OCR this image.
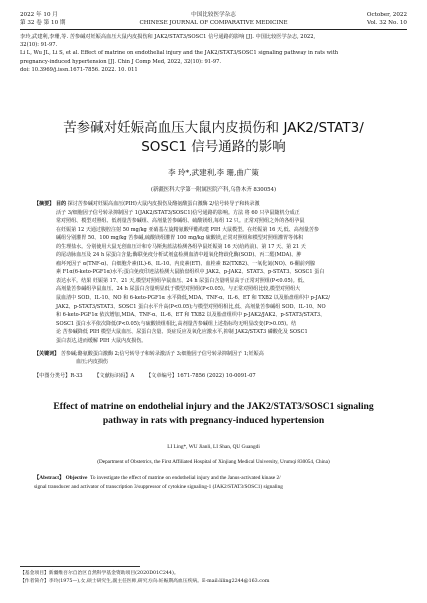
2022 年 10 月	中国比较医学杂志	October, 2022
第 32 卷 第 10 期	CHINESE JOURNAL OF COMPARATIVE MEDICINE	Vol. 32 No. 10
李玲,武建利,李珊,等. 苦参碱对妊娠高血压大鼠内皮损伤和 JAK2/STAT3/SOSC1 信号通路的影响 [J]. 中国比较医学杂志, 2022,
32(10): 91-97.
Li L, Wu JL, Li S, et al. Effect of matrine on endothelial injury and the JAK2/STAT3/SOSC1 signaling pathway in rats with
pregnancy-induced hypertension [J]. Chin J Comp Med, 2022, 32(10): 91-97.
doi: 10.3969/j.issn.1671-7856. 2022. 10. 011
苦参碱对妊娠高血压大鼠内皮损伤和 JAK2/STAT3/
SOSC1 信号通路的影响
李 玲*,武建利,李 珊,曲广策
(新疆医科大学第一附属医院产科,乌鲁木齐 830054)
【摘要】 目的 探讨苦参碱对妊娠高血压(PIH)大鼠内皮损伤及酪氨酸蛋白激酶 2/信号转导子和转录激
活子 3/细胞因子信号转录抑制因子 1(JAK2/STAT3/SOSC1)信号通路的影响。方法 将 60 只孕鼠随机分成正
常对照组、模型对照组、低剂量苦参碱组、高剂量苦参碱组、硫酸镁组,每组 12 只。正常对照组之外的各组孕鼠
在妊娠第 12 天通过腹腔注射 50 mg/kg 亚硝基左旋精氨酸甲酯构建 PIH 大鼠模型。在妊娠第 16 天,低、高剂量苦参
碱组分别灌胃 50、100 mg/kg 苦参碱,硫酸镁组灌胃 100 mg/kg 硫酸镁,正常对照组和模型对照组灌胃等体积
的生理盐水。分别使用大鼠无创血压计和专马斯焦蓝法检测各组孕鼠妊娠第 16 天(给药前)、第 17 天、第 21 天
的尾动脉血压及 24 h 尿蛋白含量;酶联免疫分析试剂盒检测血清中超氧化物歧化酶(SOD)、丙二醛(MDA)、肿
瘤坏死因子 α(TNF-α)、白细胞介素(IL)-6、IL-10、内皮素(ET)、血栓素 B2(TXB2)、一氧化氮(NO)、6-酮前列腺
素 F1α(6-keto-PGF1α)水平;蛋白免疫印迹法检测大鼠胎盘组织中 JAK2、p-JAK2、STAT3、p-STAT3、SOSC1 蛋白
表达水平。结果 妊娠第 17、21 天,模型对照组孕鼠血压、24 h 尿蛋白含量明显高于正常对照组(P<0.05)。低、
高剂量苦参碱组孕鼠血压、24 h 尿蛋白含量明显低于模型对照组(P<0.05)。与正常对照组比较,模型对照组大
鼠血清中 SOD、IL-10、NO 和 6-keto-PGF1α 水平降低,MDA、TNF-α、IL-6、ET 和 TXB2 以及胎盘组织中 p-JAK2/
JAK2、p-STAT3/STAT3、SOSC1 蛋白水平升高(P<0.05);与模型对照组相比,低、高剂量苦参碱组 SOD、IL-10、NO
和 6-keto-PGF1α 依次增加,MDA、TNF-α、IL-6、ET 和 TXB2 以及胎盘组织中 p-JAK2/JAK2、p-STAT3/STAT3、
SOSC1 蛋白水平依次降低(P<0.05);与硫酸镁组相比,高剂量苦参碱组上述指标均无明显改变(P>0.05)。结
论 苦参碱降低 PIH 模型大鼠血压、尿蛋白含量、炎症反应及氧化应激水平,抑制 JAK2/STAT3 磷酸化及 SOSC1
蛋白表达,进而缓解 PIH 大鼠内皮损伤。
【关键词】 苦参碱;酪氨酸蛋白激酶 2;信号转导子和转录激活子 3;细胞因子信号转录抑制因子 1;妊娠高
血压;内皮损伤
【中图分类号】R-33 【文献标识码】A 【文章编号】1671-7856 (2022) 10-0091-07
Effect of matrine on endothelial injury and the JAK2/STAT3/SOSC1 signaling
pathway in rats with pregnancy-induced hypertension
LI Ling*, WU Jianli, LI Shan, QU Guangdi
(Department of Obstetrics, the First Affiliated Hospital of Xinjiang Medical University, Urumqi 830054, China)
【Abstract】 Objective To investigate the effect of matrine on endothelial injury and the Janus-activated kinase 2/
signal transducer and activator of transcription 3/suppressor of cytokine signaling-1 (JAK2/STAT3/SOSC1) signaling
【基金项目】新疆维吾尔自治区自然科学基金资助项目(2020D01C244)。
【作者简介】李玲(1975—),女,硕士研究生,副主任医师,研究方向:妊娠期高血压疾病。E-mail:liling2244@163.com
